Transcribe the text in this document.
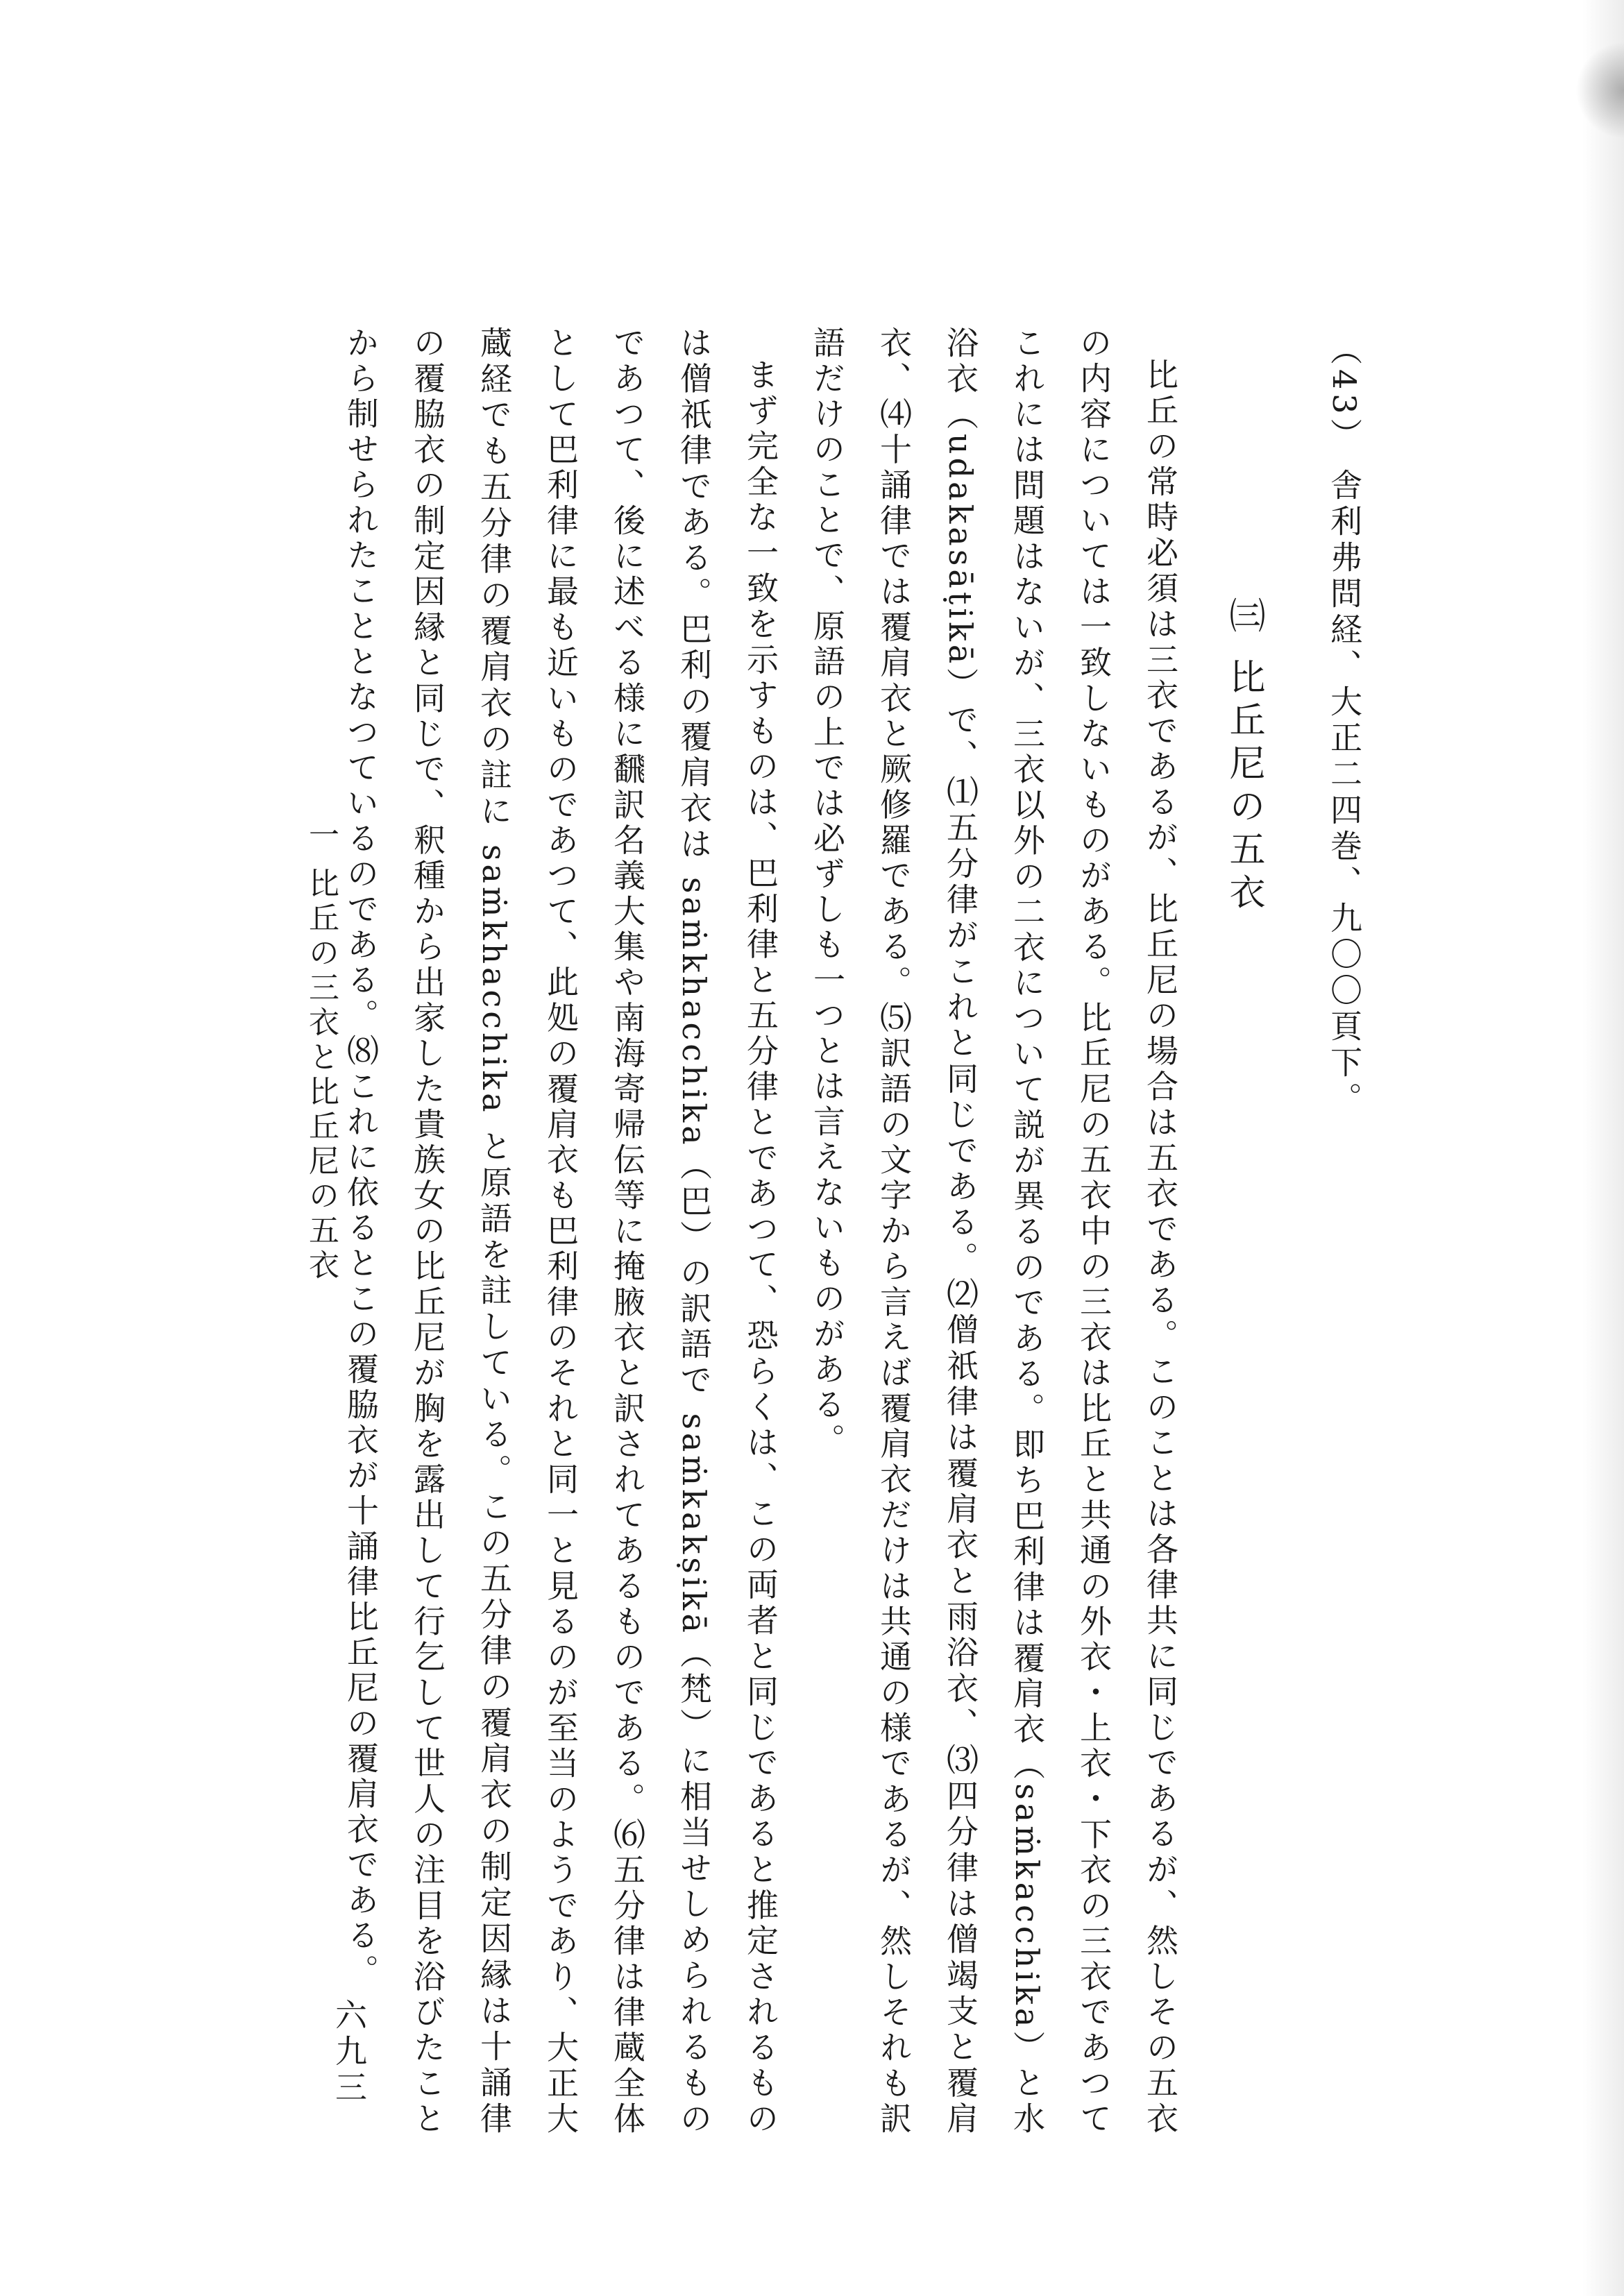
（43） 舎利弗問経、大正二四巻、九〇〇頁下。
㈢ 比丘尼の五衣

比丘の常時必須は三衣であるが、比丘尼の場合は五衣である。このことは各律共に同じであるが、然しその五衣の内容については一致しないものがある。比丘尼の五衣中の三衣は比丘と共通の外衣・上衣・下衣の三衣であつてこれには問題はないが、三衣以外の二衣について説が異るのである。即ち巴利律は覆肩衣（saṁkacchika）と水浴衣（udakasāṭikā）で、⑴五分律がこれと同じである。⑵僧祇律は覆肩衣と雨浴衣、⑶四分律は僧竭支と覆肩衣、⑷十誦律では覆肩衣と厥修羅である。⑸訳語の文字から言えば覆肩衣だけは共通の様であるが、然しそれも訳語だけのことで、原語の上では必ずしも一つとは言えないものがある。

まず完全な一致を示すものは、巴利律と五分律とであつて、恐らくは、この両者と同じであると推定されるものは僧祇律である。巴利の覆肩衣は saṁkhacchika（巴）の訳語で saṁkakṣikā（梵）に相当せしめられるものであつて、後に述べる様に飜訳名義大集や南海寄帰伝等に掩腋衣と訳されてあるものである。⑹五分律は律蔵全体として巴利律に最も近いものであつて、此処の覆肩衣も巴利律のそれと同一と見るのが至当のようであり、大正大蔵経でも五分律の覆肩衣の註に saṁkhacchika と原語を註している。この五分律の覆肩衣の制定因縁は十誦律の覆脇衣の制定因縁と同じで、釈種から出家した貴族女の比丘尼が胸を露出して行乞して世人の注目を浴びたことから制せられたこととなつているのである。⑻これに依るとこの覆脇衣が十誦律比丘尼の覆肩衣である。

一 比丘の三衣と比丘尼の五衣
六九三
